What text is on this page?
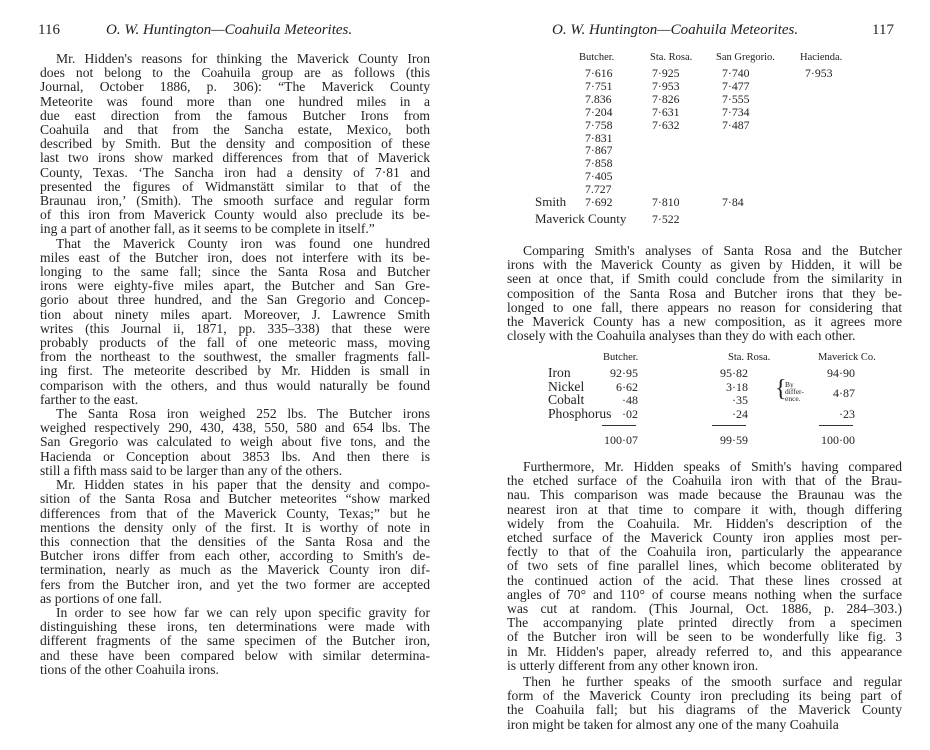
116	O. W. Huntington—Coahuila Meteorites.
Mr. Hidden's reasons for thinking the Maverick County Iron
does not belong to the Coahuila group are as follows (this
Journal, October 1886, p. 306): “The Maverick County
Meteorite was found more than one hundred miles in a
due east direction from the famous Butcher Irons from
Coahuila and that from the Sancha estate, Mexico, both
described by Smith. But the density and composition of these
last two irons show marked differences from that of Maverick
County, Texas. ‘The Sancha iron had a density of 7·81 and
presented the figures of Widmanstätt similar to that of the
Braunau iron,’ (Smith). The smooth surface and regular form
of this iron from Maverick County would also preclude its be-
ing a part of another fall, as it seems to be complete in itself.”
That the Maverick County iron was found one hundred
miles east of the Butcher iron, does not interfere with its be-
longing to the same fall; since the Santa Rosa and Butcher
irons were eighty-five miles apart, the Butcher and San Gre-
gorio about three hundred, and the San Gregorio and Concep-
tion about ninety miles apart. Moreover, J. Lawrence Smith
writes (this Journal ii, 1871, pp. 335–338) that these were
probably products of the fall of one meteoric mass, moving
from the northeast to the southwest, the smaller fragments fall-
ing first. The meteorite described by Mr. Hidden is small in
comparison with the others, and thus would naturally be found
farther to the east.
The Santa Rosa iron weighed 252 lbs. The Butcher irons
weighed respectively 290, 430, 438, 550, 580 and 654 lbs. The
San Gregorio was calculated to weigh about five tons, and the
Hacienda or Conception about 3853 lbs. And then there is
still a fifth mass said to be larger than any of the others.
Mr. Hidden states in his paper that the density and compo-
sition of the Santa Rosa and Butcher meteorites “show marked
differences from that of the Maverick County, Texas;” but he
mentions the density only of the first. It is worthy of note in
this connection that the densities of the Santa Rosa and the
Butcher irons differ from each other, according to Smith's de-
termination, nearly as much as the Maverick County iron dif-
fers from the Butcher iron, and yet the two former are accepted
as portions of one fall.
In order to see how far we can rely upon specific gravity for
distinguishing these irons, ten determinations were made with
different fragments of the same specimen of the Butcher iron,
and these have been compared below with similar determina-
tions of the other Coahuila irons.
O. W. Huntington—Coahuila Meteorites.	117
Butcher.	Sta. Rosa. San Gregorio. Hacienda.
7·616	7·925	7·740	7·953
7·751	7·953	7·477
7.836	7·826	7·555
7·204	7·631	7·734
7·758	7·632	7·487
7·831
7·867
7·858
7·405
7.727
Smith 7·692	7·810	7·84
Maverick County 7·522
Comparing Smith's analyses of Santa Rosa and the Butcher
irons with the Maverick County as given by Hidden, it will be
seen at once that, if Smith could conclude from the similarity in
composition of the Santa Rosa and Butcher irons that they be-
longed to one fall, there appears no reason for considering that
the Maverick County has a new composition, as it agrees more
closely with the Coahuila analyses than they do with each other.
Butcher.	Sta. Rosa.	Maverick Co.
Iron	92·95	95·82	94·90
Nickel	6·62	3·18	4·87
Cobalt	·48	·35
Phosphorus ·02	·24	·23
{
By
differ-
ence.
100·07	99·59	100·00
Furthermore, Mr. Hidden speaks of Smith's having compared
the etched surface of the Coahuila iron with that of the Brau-
nau. This comparison was made because the Braunau was the
nearest iron at that time to compare it with, though differing
widely from the Coahuila. Mr. Hidden's description of the
etched surface of the Maverick County iron applies most per-
fectly to that of the Coahuila iron, particularly the appearance
of two sets of fine parallel lines, which become obliterated by
the continued action of the acid. That these lines crossed at
angles of 70° and 110° of course means nothing when the surface
was cut at random. (This Journal, Oct. 1886, p. 284–303.)
The accompanying plate printed directly from a specimen
of the Butcher iron will be seen to be wonderfully like fig. 3
in Mr. Hidden's paper, already referred to, and this appearance
is utterly different from any other known iron.
Then he further speaks of the smooth surface and regular
form of the Maverick County iron precluding its being part of
the Coahuila fall; but his diagrams of the Maverick County
iron might be taken for almost any one of the many Coahuila
